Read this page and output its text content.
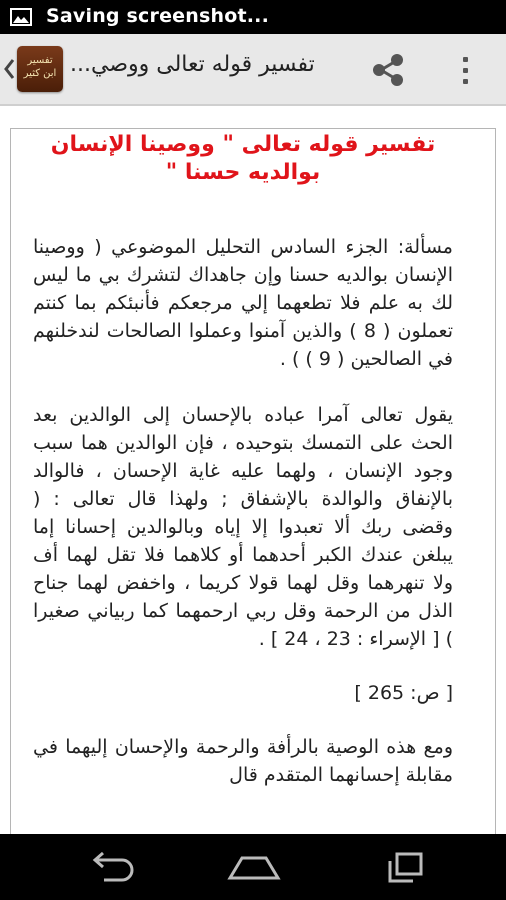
Saving screenshot...
تفسير
ابن كثير تفسير قوله تعالى ووصي...

تفسير قوله تعالى " ووصينا الإنسان بوالديه حسنا "

مسألة: الجزء السادس التحليل الموضوعي ( ووصينا الإنسان بوالديه حسنا وإن جاهداك لتشرك بي ما ليس لك به علم فلا تطعهما إلي مرجعكم فأنبئكم بما كنتم تعملون ( 8 ) والذين آمنوا وعملوا الصالحات لندخلنهم في الصالحين ( 9 ) ) .

يقول تعالى آمرا عباده بالإحسان إلى الوالدين بعد الحث على التمسك بتوحيده ، فإن الوالدين هما سبب وجود الإنسان ، ولهما عليه غاية الإحسان ، فالوالد بالإنفاق والوالدة بالإشفاق ; ولهذا قال تعالى : ( وقضى ربك ألا تعبدوا إلا إياه وبالوالدين إحسانا إما يبلغن عندك الكبر أحدهما أو كلاهما فلا تقل لهما أف ولا تنهرهما وقل لهما قولا كريما ، واخفض لهما جناح الذل من الرحمة وقل ربي ارحمهما كما ربياني صغيرا ) [ الإسراء : 23 ، 24 ] .

[ ص: 265 ]

ومع هذه الوصية بالرأفة والرحمة والإحسان إليهما في مقابلة إحسانهما المتقدم قال
